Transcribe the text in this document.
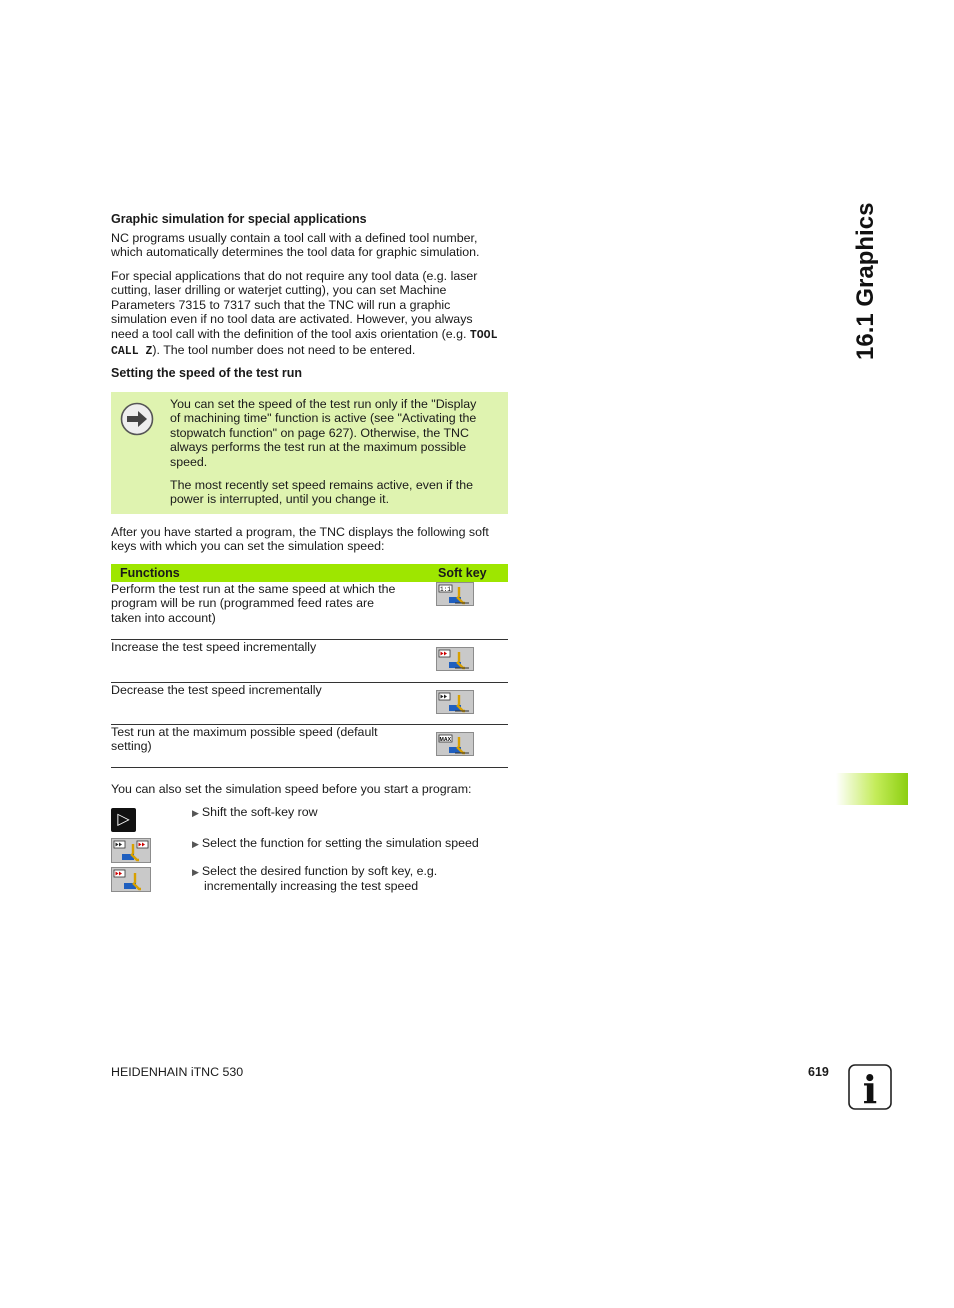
Graphic simulation for special applications
NC programs usually contain a tool call with a defined tool number,
which automatically determines the tool data for graphic simulation.
For special applications that do not require any tool data (e.g. laser
cutting, laser drilling or waterjet cutting), you can set Machine
Parameters 7315 to 7317 such that the TNC will run a graphic
simulation even if no tool data are activated. However, you always
need a tool call with the definition of the tool axis orientation (e.g. TOOL
CALL Z). The tool number does not need to be entered.
Setting the speed of the test run
You can set the speed of the test run only if the "Display
of machining time" function is active (see "Activating the
stopwatch function" on page 627). Otherwise, the TNC
always performs the test run at the maximum possible
speed.
The most recently set speed remains active, even if the
power is interrupted, until you change it.
After you have started a program, the TNC displays the following soft
keys with which you can set the simulation speed:
Functions	Soft key

Perform the test run at the same speed at which the
program will be run (programmed feed rates are
taken into account)	1:1

Increase the test speed incrementally

Decrease the test speed incrementally

Test run at the maximum possible speed (default
setting)	MAX
You can also set the simulation speed before you start a program:
▷	▶ Shift the soft-key row
▶ Select the function for setting the simulation speed
▶ Select the desired function by soft key, e.g.
incrementally increasing the test speed
16.1 Graphics
HEIDENHAIN iTNC 530	619 i
